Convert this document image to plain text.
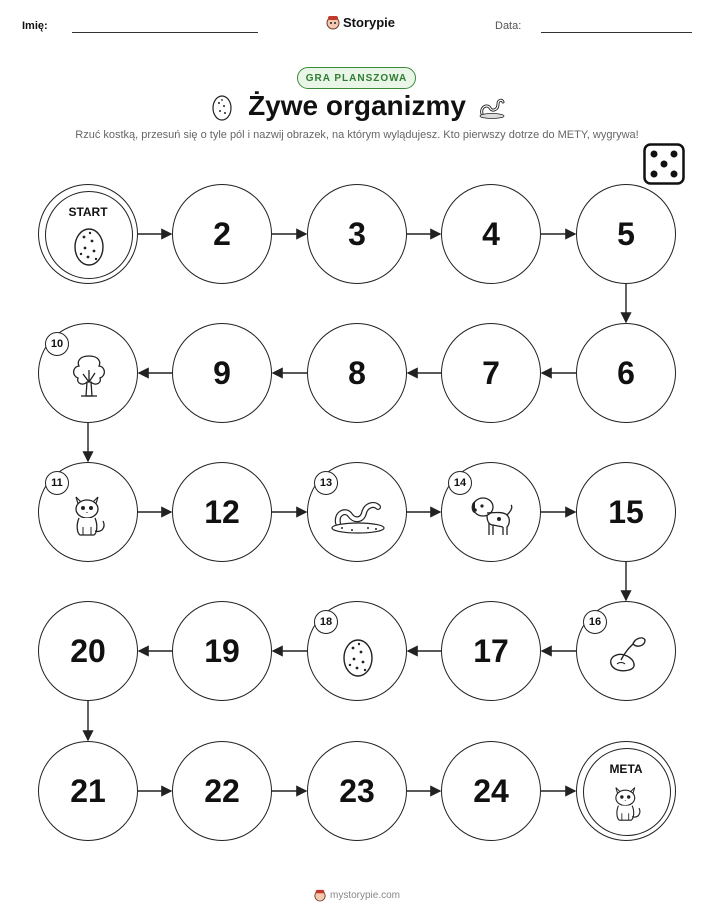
Imię:	Storypie	Data:
GRA PLANSZOWA
Żywe organizmy
Rzuć kostką, przesuń się o tyle pól i nazwij obrazek, na którym wylądujesz. Kto pierwszy dotrze do METY, wygrywa!
START
2	3	4	5
6
7
8
9
10
11
12
13	14
15
16
17
18
19
20
21	22	23	24
META
mystorypie.com
